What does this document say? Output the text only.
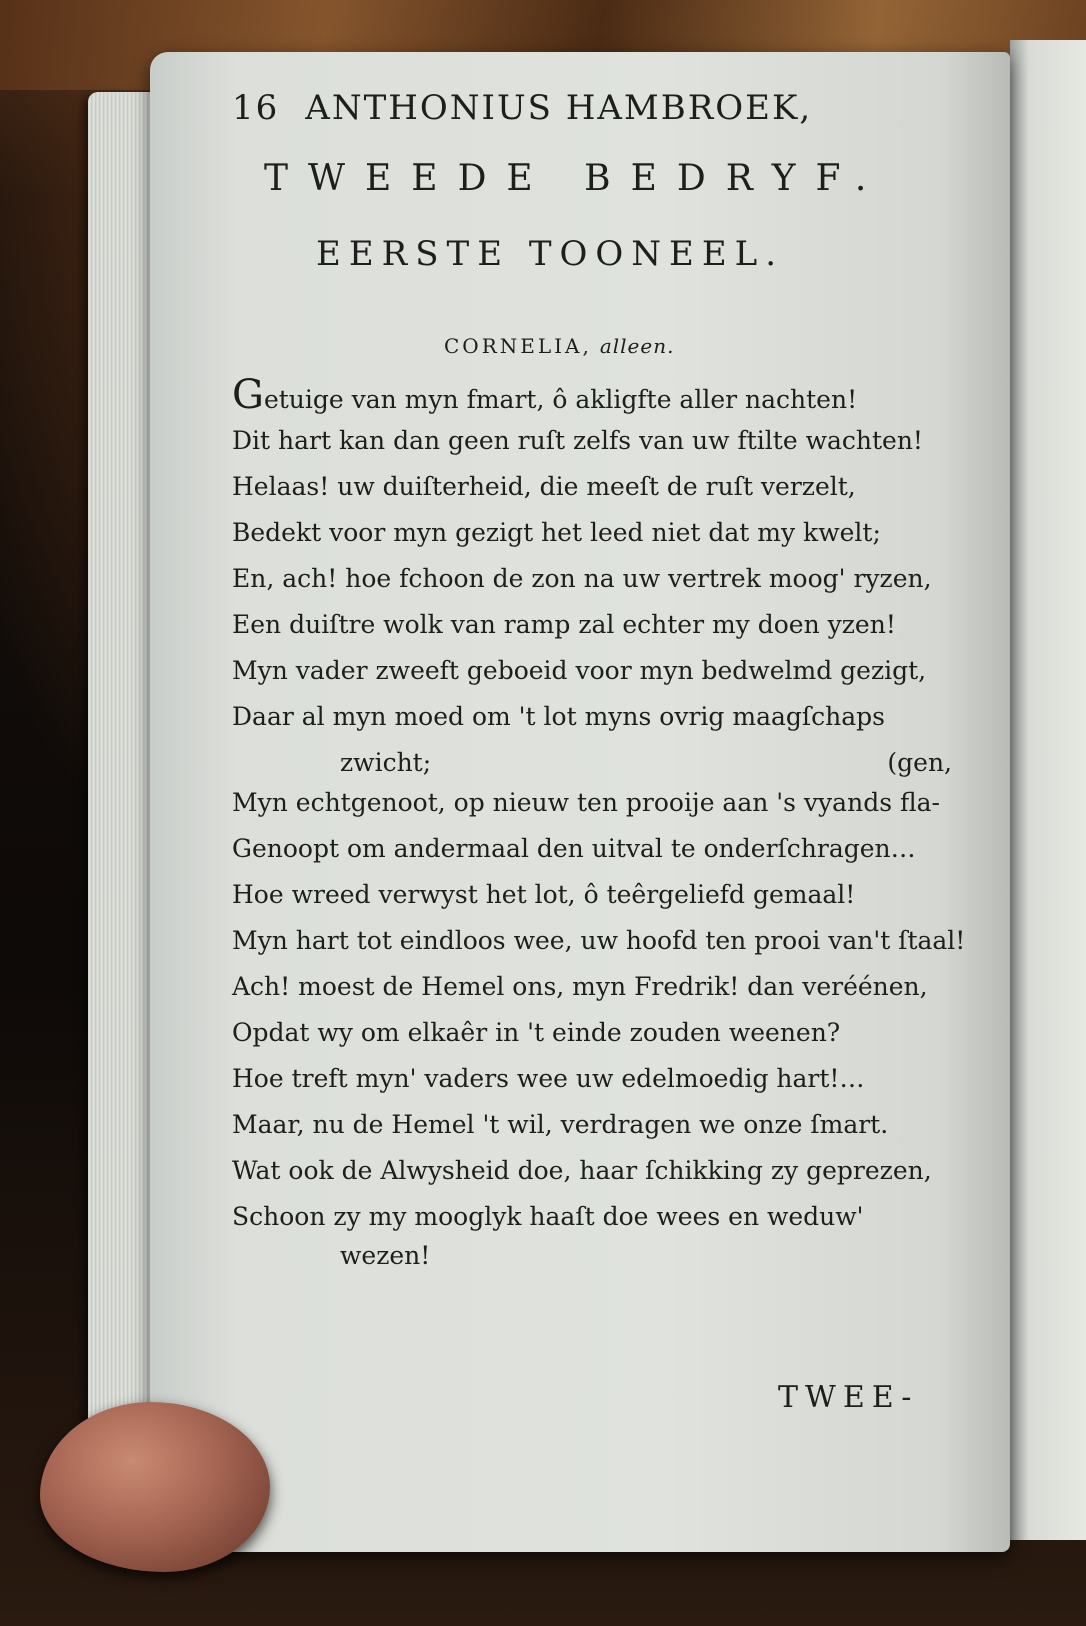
16 ANTHONIUS HAMBROEK,
TWEEDE BEDRYF.
EERSTE TOONEEL.
CORNELIA, alleen.
Getuige van myn fmart, ô akligfte aller nachten!
Dit hart kan dan geen ruſt zelfs van uw ftilte wachten!
Helaas! uw duiſterheid, die meeſt de ruſt verzelt,
Bedekt voor myn gezigt het leed niet dat my kwelt;
En, ach! hoe fchoon de zon na uw vertrek moog' ryzen,
Een duiſtre wolk van ramp zal echter my doen yzen!
Myn vader zweeft geboeid voor myn bedwelmd gezigt,
Daar al myn moed om 't lot myns ovrig maagſchaps
zwicht;	(gen,
Myn echtgenoot, op nieuw ten prooije aan 's vyands fla-
Genoopt om andermaal den uitval te onderſchragen…
Hoe wreed verwyst het lot, ô teêrgeliefd gemaal!
Myn hart tot eindloos wee, uw hoofd ten prooi van't ſtaal!
Ach! moest de Hemel ons, myn Fredrik! dan veréénen,
Opdat wy om elkaêr in 't einde zouden weenen?
Hoe treft myn' vaders wee uw edelmoedig hart!…
Maar, nu de Hemel 't wil, verdragen we onze ſmart.
Wat ook de Alwysheid doe, haar ſchikking zy geprezen,
Schoon zy my mooglyk haaſt doe wees en weduw'
wezen!
TWEE-
